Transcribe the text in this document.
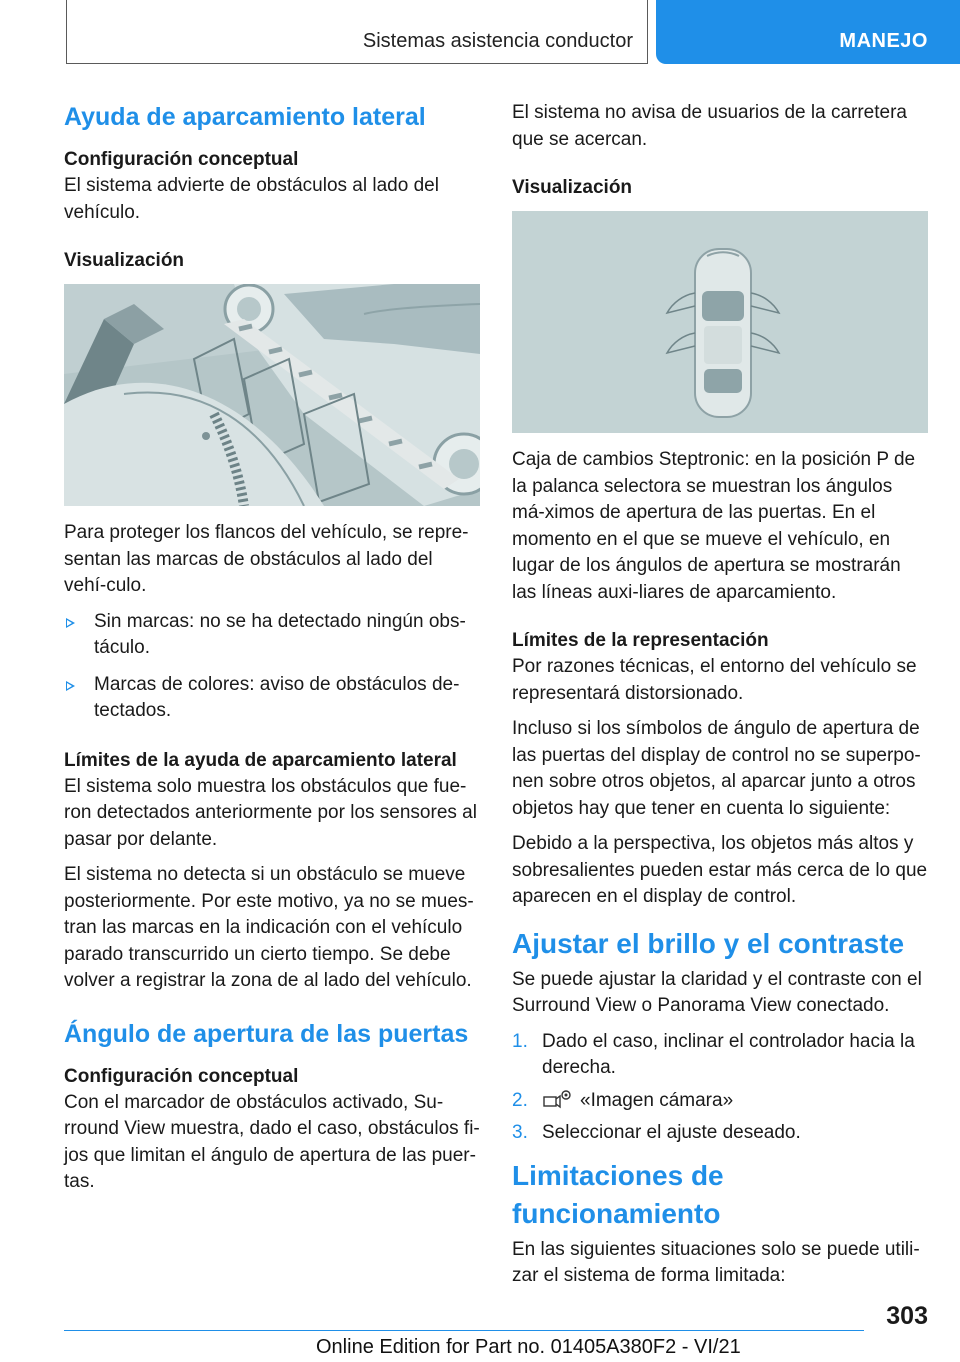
Sistemas asistencia conductor	MANEJO
Ayuda de aparcamiento lateral
Configuración conceptual

El sistema advierte de obstáculos al lado del vehículo.

Visualización

Para proteger los flancos del vehículo, se repre-sentan las marcas de obstáculos al lado del vehí-culo.

Sin marcas: no se ha detectado ningún obs-táculo.
Marcas de colores: aviso de obstáculos de-tectados.
Límites de la ayuda de aparcamiento lateral

El sistema solo muestra los obstáculos que fue-ron detectados anteriormente por los sensores al pasar por delante.

El sistema no detecta si un obstáculo se mueve posteriormente. Por este motivo, ya no se mues-tran las marcas en la indicación con el vehículo parado transcurrido un cierto tiempo. Se debe volver a registrar la zona de al lado del vehículo.

Ángulo de apertura de las puertas
Configuración conceptual

Con el marcador de obstáculos activado, Su-rround View muestra, dado el caso, obstáculos fi-jos que limitan el ángulo de apertura de las puer-tas.

El sistema no avisa de usuarios de la carretera que se acercan.

Visualización

Caja de cambios Steptronic: en la posición P de la palanca selectora se muestran los ángulos má-ximos de apertura de las puertas. En el momento en el que se mueve el vehículo, en lugar de los ángulos de apertura se mostrarán las líneas auxi-liares de aparcamiento.

Límites de la representación

Por razones técnicas, el entorno del vehículo se representará distorsionado.

Incluso si los símbolos de ángulo de apertura de las puertas del display de control no se superpo-nen sobre otros objetos, al aparcar junto a otros objetos hay que tener en cuenta lo siguiente:

Debido a la perspectiva, los objetos más altos y sobresalientes pueden estar más cerca de lo que aparecen en el display de control.

Ajustar el brillo y el contraste

Se puede ajustar la claridad y el contraste con el Surround View o Panorama View conectado.

1. Dado el caso, inclinar el controlador hacia la derecha.
2.	«Imagen cámara»
3. Seleccionar el ajuste deseado.
Limitaciones de funcionamiento

En las siguientes situaciones solo se puede utili-zar el sistema de forma limitada:

303
Online Edition for Part no. 01405A380F2 - VI/21
